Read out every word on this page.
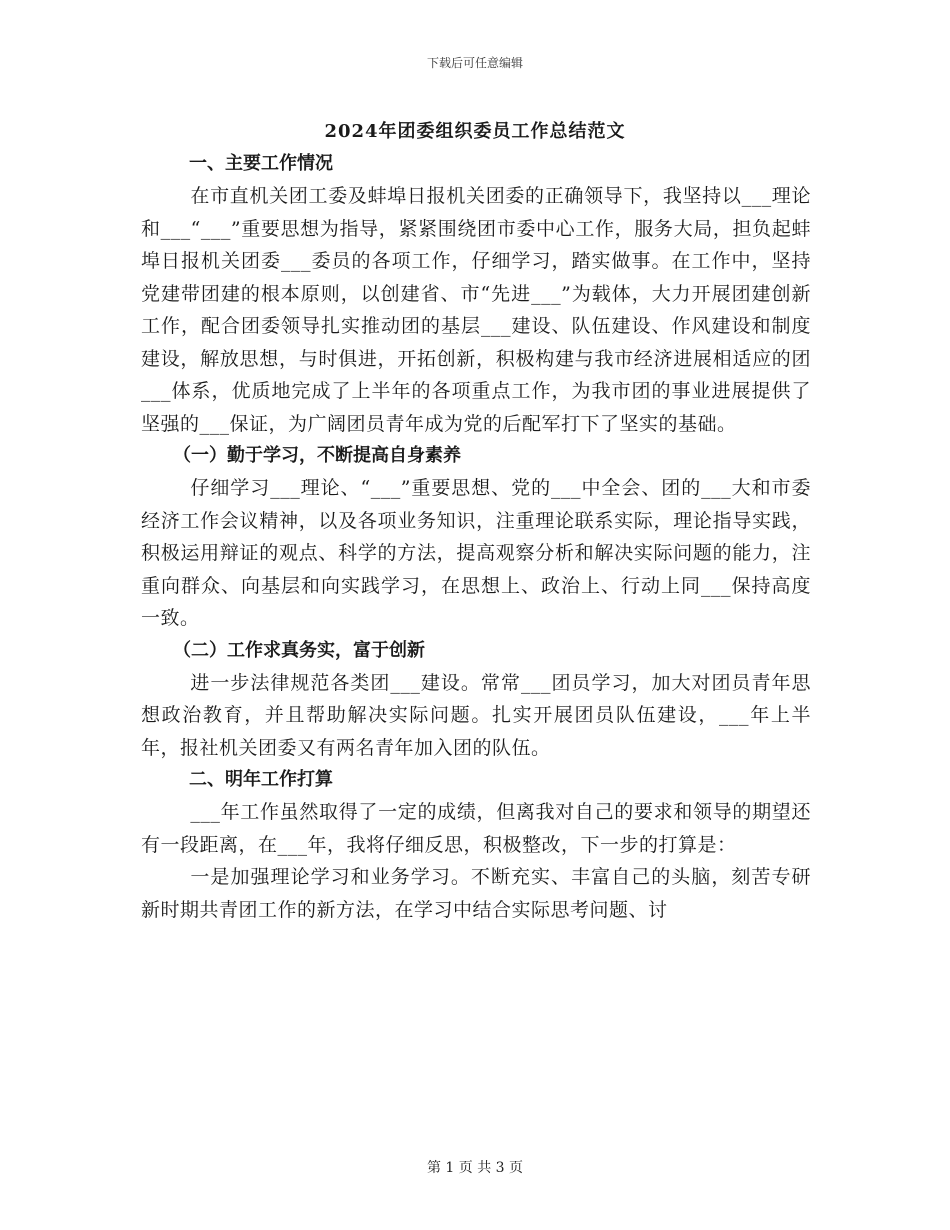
下载后可任意编辑
2024年团委组织委员工作总结范文

一、主要工作情况

在市直机关团工委及蚌埠日报机关团委的正确领导下，我坚持以___理论和___“___”重要思想为指导，紧紧围绕团市委中心工作，服务大局，担负起蚌埠日报机关团委___委员的各项工作，仔细学习，踏实做事。在工作中，坚持党建带团建的根本原则，以创建省、市“先进___”为载体，大力开展团建创新工作，配合团委领导扎实推动团的基层___建设、队伍建设、作风建设和制度建设，解放思想，与时俱进，开拓创新，积极构建与我市经济进展相适应的团___体系，优质地完成了上半年的各项重点工作，为我市团的事业进展提供了坚强的___保证，为广阔团员青年成为党的后配军打下了坚实的基础。

（一）勤于学习，不断提高自身素养

仔细学习___理论、“___”重要思想、党的___中全会、团的___大和市委经济工作会议精神，以及各项业务知识，注重理论联系实际，理论指导实践，积极运用辩证的观点、科学的方法，提高观察分析和解决实际问题的能力，注重向群众、向基层和向实践学习，在思想上、政治上、行动上同___保持高度一致。

（二）工作求真务实，富于创新

进一步法律规范各类团___建设。常常___团员学习，加大对团员青年思想政治教育，并且帮助解决实际问题。扎实开展团员队伍建设，___年上半年，报社机关团委又有两名青年加入团的队伍。

二、明年工作打算

___年工作虽然取得了一定的成绩，但离我对自己的要求和领导的期望还有一段距离，在___年，我将仔细反思，积极整改，下一步的打算是：

一是加强理论学习和业务学习。不断充实、丰富自己的头脑，刻苦专研新时期共青团工作的新方法，在学习中结合实际思考问题、讨

第 1 页 共 3 页
